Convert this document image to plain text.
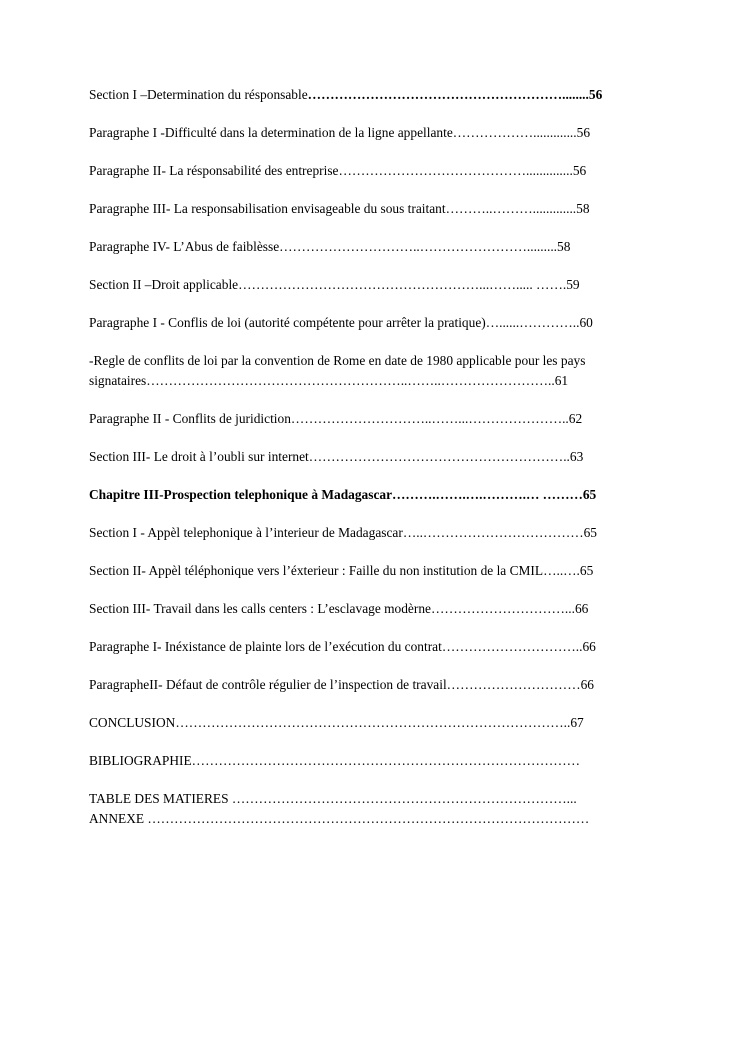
Section I –Determination du résponsable…………………………………………………........56
Paragraphe I -Difficulté dans la determination de la ligne appellante……………….............56
Paragraphe II- La résponsabilité des entreprise……………………………………..............56
Paragraphe III- La responsabilisation envisageable du sous traitant………..……….............58
Paragraphe IV- L’Abus de faiblèsse…………………………..…………………….........58
Section II –Droit applicable………………………………………………...……..... …….59
Paragraphe I - Conflis de loi (autorité compétente pour arrêter la pratique)…......…………..60
-Regle de conflits de loi par la convention de Rome en date de 1980 applicable pour les pays
signataires…………………………………………………..……..……………………..61
Paragraphe II - Conflits de juridiction…………………………..……...…………………..62
Section III- Le droit à l’oubli sur internet…………………………………………………..63
Chapitre III-Prospection telephonique à Madagascar……….…….….……….… ………65
Section I - Appèl telephonique à l’interieur de Madagascar…..………………………………65
Section II- Appèl téléphonique vers l’éxterieur : Faille du non institution de la CMIL…..….65
Section III- Travail dans les calls centers : L’esclavage modèrne…………………………...66
Paragraphe I- Inéxistance de plainte lors de l’exécution du contrat…………………………..66
ParagrapheII- Défaut de contrôle régulier de l’inspection de travail…………………………66
CONCLUSION……………………………………………………………………………..67
BIBLIOGRAPHIE……………………………………………………………………………
TABLE DES MATIERES …………………………………………………………………...
ANNEXE ………………………………………………………………………………………
